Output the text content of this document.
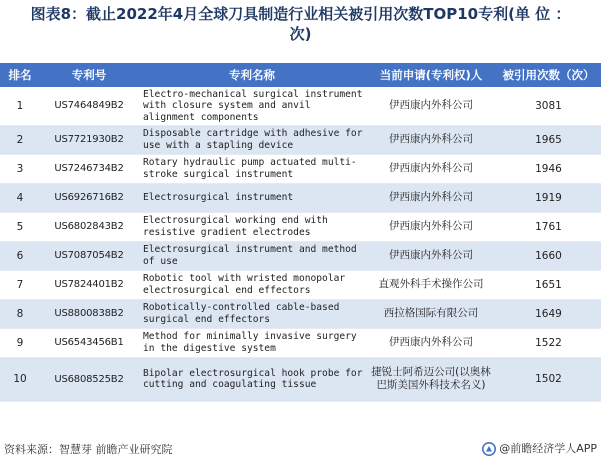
图表8：截止2022年4月全球刀具制造行业相关被引用次数TOP10专利(单 位 ：
次)
排名	专利号	专利名称	当前申请(专利权)人	被引用次数（次）
1	US7464849B2	Electro-mechanical surgical instrument with closure system and anvil alignment components	伊西康内外科公司	3081
2	US7721930B2	Disposable cartridge with adhesive for use with a stapling device	伊西康内外科公司	1965
3	US7246734B2	Rotary hydraulic pump actuated multi-stroke surgical instrument	伊西康内外科公司	1946
4	US6926716B2	Electrosurgical instrument	伊西康内外科公司	1919
5	US6802843B2	Electrosurgical working end with resistive gradient electrodes	伊西康内外科公司	1761
6	US7087054B2	Electrosurgical instrument and method of use	伊西康内外科公司	1660
7	US7824401B2	Robotic tool with wristed monopolar electrosurgical end effectors	直观外科手术操作公司	1651
8	US8800838B2	Robotically-controlled cable-based surgical end effectors	西拉格国际有限公司	1649
9	US6543456B1	Method for minimally invasive surgery in the digestive system	伊西康内外科公司	1522
10	US6808525B2	Bipolar electrosurgical hook probe for cutting and coagulating tissue	捷锐士阿希迈公司(以奥林巴斯美国外科技术名义)	1502
资料来源：智慧芽 前瞻产业研究院	@前瞻经济学人APP
